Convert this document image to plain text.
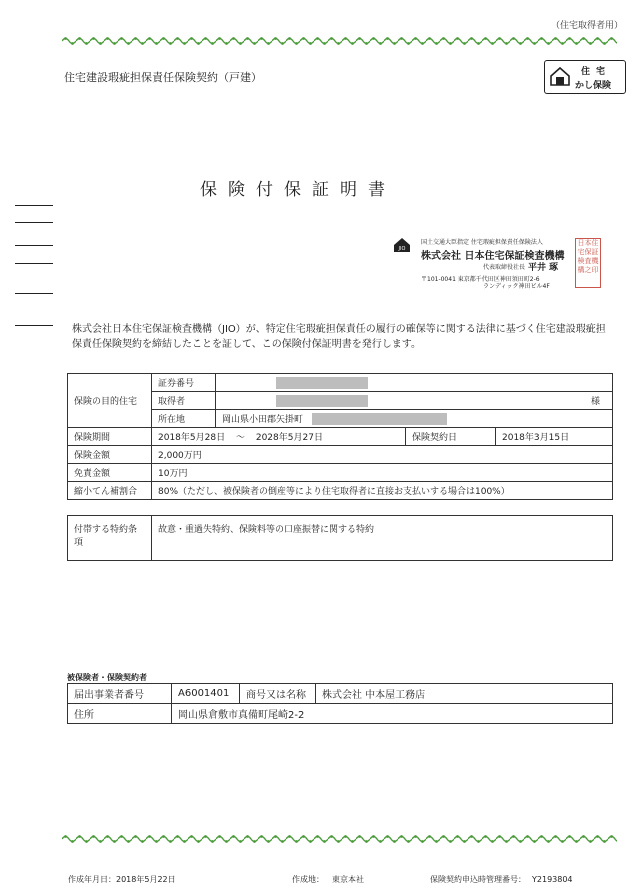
（住宅取得者用）
住宅建設瑕疵担保責任保険契約（戸建）	住宅
かし保険
保険付保証明書
JIO
国土交通大臣指定 住宅瑕疵担保責任保険法人
株式会社 日本住宅保証検査機構
代表取締役社長 平井 琢
〒101-0041 東京都千代田区神田須田町2-6
ランディック神田ビル4F
日本住宅保証検査機構之印
株式会社日本住宅保証検査機構（JIO）が、特定住宅瑕疵担保責任の履行の確保等に関する法律に基づく住宅建設瑕疵担保責任保険契約を締結したことを証して、この保険付保証明書を発行します。
保険の目的住宅	証券番号			
	取得者	様		

	所在地	岡山県小田郡矢掛町		
保険期間	2018年5月28日 ～ 2028年5月27日		保険契約日	2018年3月15日
保険金額	2,000万円			
免責金額	10万円			
縮小てん補割合	80%（ただし、被保険者の倒産等により住宅取得者に直接お支払いする場合は100%）			
付帯する特約条項	故意・重過失特約、保険料等の口座振替に関する特約
被保険者・保険契約者
届出事業者番号	A6001401	商号又は名称	株式会社 中本屋工務店
住所	岡山県倉敷市真備町尾崎2-2		
作成年月日：2018年5月22日	作成地： 東京本社	保険契約申込時管理番号： Y2193804
